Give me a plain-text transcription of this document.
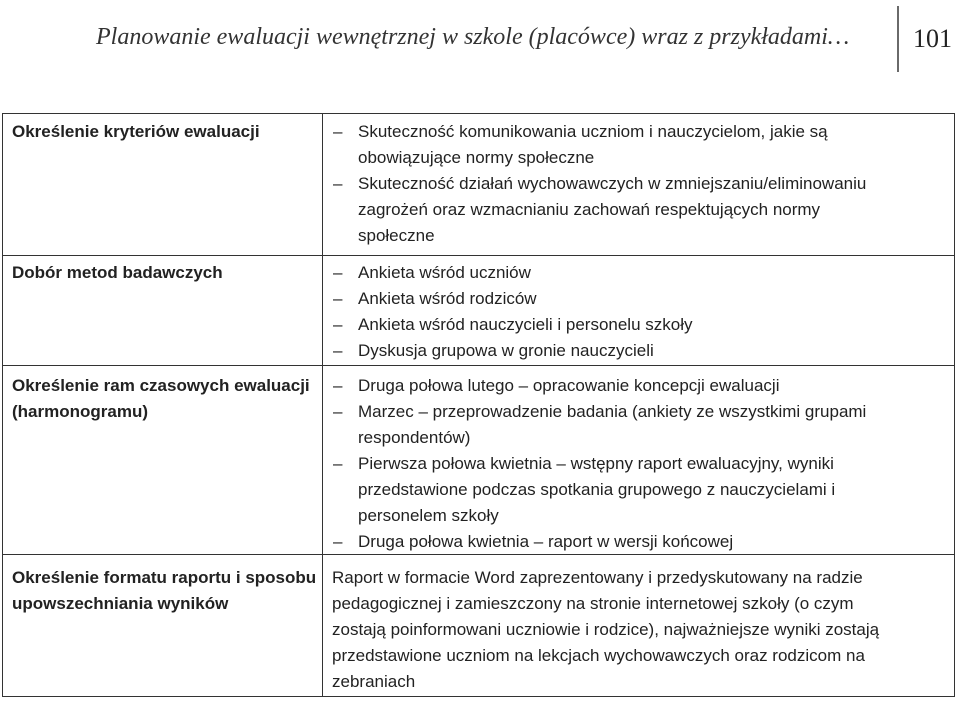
Planowanie ewaluacji wewnętrznej w szkole (placówce) wraz z przykładami… 101
Określenie kryteriów ewaluacji	– Skuteczność komunikowania uczniom i nauczycielom, jakie są obowiązujące normy społeczne
– Skuteczność działań wychowawczych w zmniejszaniu/eliminowaniu zagrożeń oraz wzmacnianiu zachowań respektujących normy społeczne
Dobór metod badawczych	– Ankieta wśród uczniów
– Ankieta wśród rodziców
– Ankieta wśród nauczycieli i personelu szkoły
– Dyskusja grupowa w gronie nauczycieli
Określenie ram czasowych ewaluacji (harmonogramu)
– Druga połowa lutego – opracowanie koncepcji ewaluacji
– Marzec – przeprowadzenie badania (ankiety ze wszystkimi grupami respondentów)
– Pierwsza połowa kwietnia – wstępny raport ewaluacyjny, wyniki przedstawione podczas spotkania grupowego z nauczycielami i personelem szkoły
– Druga połowa kwietnia – raport w wersji końcowej
Określenie formatu raportu i sposobu upowszechniania wyników
Raport w formacie Word zaprezentowany i przedyskutowany na radzie pedagogicznej i zamieszczony na stronie internetowej szkoły (o czym zostają poinformowani uczniowie i rodzice), najważniejsze wyniki zostają przedstawione uczniom na lekcjach wychowawczych oraz rodzicom na zebraniach
